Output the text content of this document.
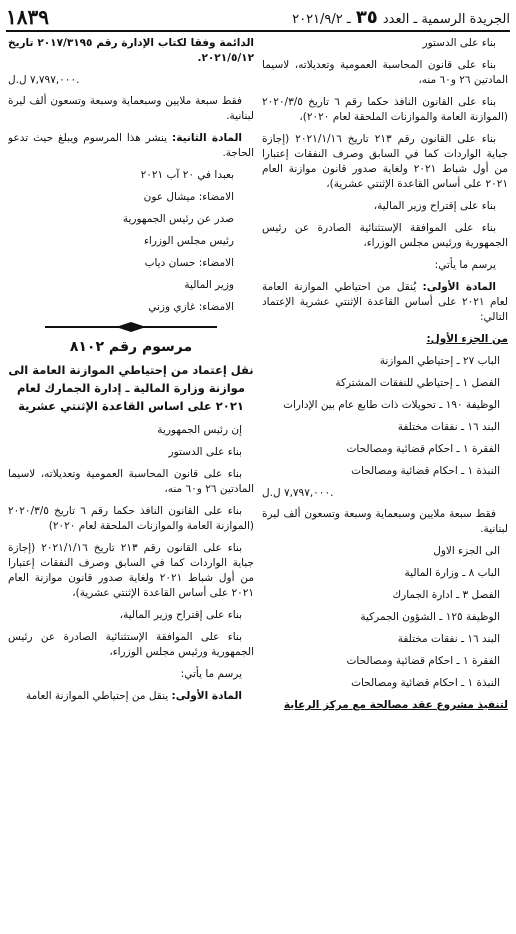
الجريدة الرسمية ـ العدد ٣٥ ـ ٢٠٢١/٩/٢
١٨٣٩

بناء على الدستور

بناء على قانون المحاسبة العمومية وتعديلاته، لاسيما المادتين ٢٦ و٦٠ منه،

بناء على القانون النافذ حكما رقم ٦ تاريخ ٢٠٢٠/٣/٥ (الموازنة العامة والموازنات الملحقة لعام ٢٠٢٠)،

بناء على القانون رقم ٢١٣ تاريخ ٢٠٢١/١/١٦ (إجازة جباية الواردات كما في السابق وصرف النفقات إعتبارا من أول شباط ٢٠٢١ ولغاية صدور قانون موازنة العام ٢٠٢١ على أساس القاعدة الإثنتي عشرية)،

بناء على إقتراح وزير المالية،

بناء على الموافقة الإستثنائية الصادرة عن رئيس الجمهورية ورئيس مجلس الوزراء،

يرسم ما يأتي:

المادة الأولى: يُنقل من احتياطي الموازنة العامة لعام ٢٠٢١ على أساس القاعدة الإثنتي عشرية الإعتماد التالي:

من الجزء الأول:

الباب ٢٧ ـ إحتياطي الموازنة

الفصل ١ ـ إحتياطي للنفقات المشتركة

الوظيفة ١٩٠ ـ تحويلات ذات طابع عام بين الإدارات

البند ١٦ ـ نفقات مختلفة

الفقرة ١ ـ احكام قضائية ومصالحات

النبذة ١ ـ احكام قضائية ومصالحات

٧,٧٩٧,٠٠٠ ل.ل.

فقط سبعة ملايين وسبعماية وسبعة وتسعون ألف ليرة لبنانية.

الى الجزء الاول

الباب ٨ ـ وزارة المالية

الفصل ٣ ـ ادارة الجمارك

الوظيفة ١٢٥ ـ الشؤون الجمركية

البند ١٦ ـ نفقات مختلفة

الفقرة ١ ـ احكام قضائية ومصالحات

النبذة ١ ـ احكام قضائية ومصالحات

لتنفيذ مشروع عقد مصالحة مع مركز الرعاية

الدائمة وفقا لكتاب الإدارة رقم ٢٠١٧/٣١٩٥ تاريخ ٢٠٢١/٥/١٢.

٧,٧٩٧,٠٠٠ ل.ل.

فقط سبعة ملايين وسبعماية وسبعة وتسعون ألف ليرة لبنانية.

المادة الثانية: ينشر هذا المرسوم ويبلغ حيث تدعو الحاجة.

بعبدا في ٢٠ آب ٢٠٢١

الامضاء: ميشال عون

صدر عن رئيس الجمهورية

رئيس مجلس الوزراء

الامضاء: حسان دياب

وزير المالية

الامضاء: غازي وزني

مرسوم رقم ٨١٠٢

نقل إعتماد من إحتياطي الموازنة العامة الى موازنة وزارة المالية ـ إدارة الجمارك لعام ٢٠٢١ على اساس القاعدة الإثنتي عشرية

إن رئيس الجمهورية

بناء على الدستور

بناء على قانون المحاسبة العمومية وتعديلاته، لاسيما المادتين ٢٦ و٦٠ منه،

بناء على القانون النافذ حكما رقم ٦ تاريخ ٢٠٢٠/٣/٥ (الموازنة العامة والموازنات الملحقة لعام ٢٠٢٠)

بناء على القانون رقم ٢١٣ تاريخ ٢٠٢١/١/١٦ (إجازة جباية الواردات كما في السابق وصرف النفقات إعتبارا من أول شباط ٢٠٢١ ولغاية صدور قانون موازنة العام ٢٠٢١ على أساس القاعدة الإثنتي عشرية)،

بناء على إقتراح وزير المالية،

بناء على الموافقة الإستثنائية الصادرة عن رئيس الجمهورية ورئيس مجلس الوزراء،

يرسم ما يأتي:

المادة الأولى: ينقل من إحتياطي الموازنة العامة
